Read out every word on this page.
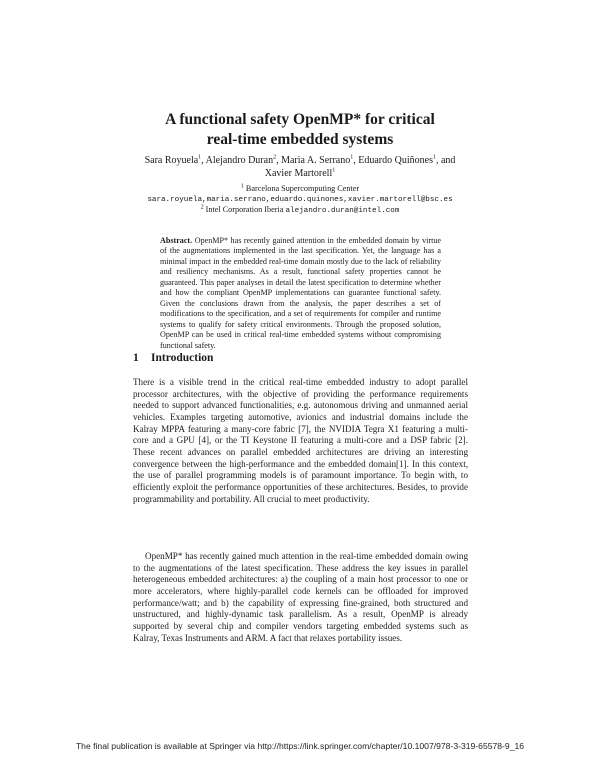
A functional safety OpenMP* for critical
real-time embedded systems
Sara Royuela$^1$, Alejandro Duran$^2$, Maria A. Serrano$^1$, Eduardo Quiñones$^1$, and
Xavier Martorell$^1$
$^1$ Barcelona Supercomputing Center
sara.royuela,maria.serrano,eduardo.quinones,xavier.martorell@bsc.es
$^2$ Intel Corporation Iberia alejandro.duran@intel.com
Abstract. OpenMP* has recently gained attention in the embedded domain by virtue of the augmentations implemented in the last specification. Yet, the language has a minimal impact in the embedded real-time domain mostly due to the lack of reliability and resiliency mechanisms. As a result, functional safety properties cannot be guaranteed. This paper analyses in detail the latest specification to determine whether and how the compliant OpenMP implementations can guarantee functional safety. Given the conclusions drawn from the analysis, the paper describes a set of modifications to the specification, and a set of requirements for compiler and runtime systems to qualify for safety critical environments. Through the proposed solution, OpenMP can be used in critical real-time embedded systems without compromising functional safety.
1 Introduction
There is a visible trend in the critical real-time embedded industry to adopt parallel processor architectures, with the objective of providing the performance requirements needed to support advanced functionalities, e.g. autonomous driving and unmanned aerial vehicles. Examples targeting automotive, avionics and industrial domains include the Kalray MPPA featuring a many-core fabric [7], the NVIDIA Tegra X1 featuring a multi-core and a GPU [4], or the TI Keystone II featuring a multi-core and a DSP fabric [2]. These recent advances on parallel embedded architectures are driving an interesting convergence between the high-performance and the embedded domain[1]. In this context, the use of parallel programming models is of paramount importance. To begin with, to efficiently exploit the performance opportunities of these architectures. Besides, to provide programmability and portability. All crucial to meet productivity.
OpenMP* has recently gained much attention in the real-time embedded domain owing to the augmentations of the latest specification. These address the key issues in parallel heterogeneous embedded architectures: a) the coupling of a main host processor to one or more accelerators, where highly-parallel code kernels can be offloaded for improved performance/watt; and b) the capability of expressing fine-grained, both structured and unstructured, and highly-dynamic task parallelism. As a result, OpenMP is already supported by several chip and compiler vendors targeting embedded systems such as Kalray, Texas Instruments and ARM. A fact that relaxes portability issues.
The final publication is available at Springer via http://https://link.springer.com/chapter/10.1007/978-3-319-65578-9_16
